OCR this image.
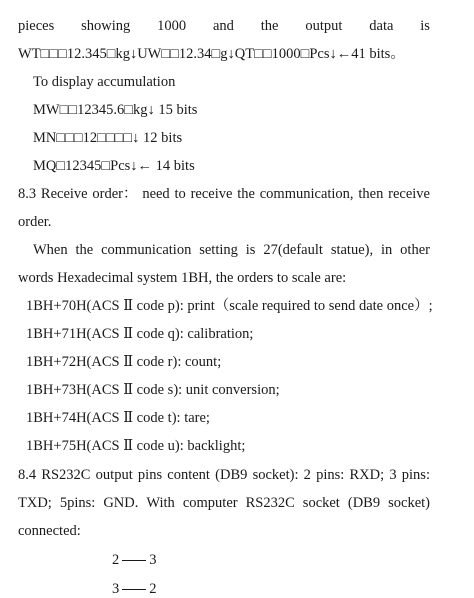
pieces showing 1000 and the output data is
WT□□□12.345□kg↓UW□□12.34□g↓QT□□1000□Pcs↓←41 bits。
To display accumulation
MW□□12345.6□kg↓ 15 bits
MN□□□12□□□□↓ 12 bits
MQ□12345□Pcs↓← 14 bits
8.3 Receive order： need to receive the communication, then receive
order.
When the communication setting is 27(default statue), in other
words Hexadecimal system 1BH, the orders to scale are:
1BH+70H(ACS Ⅱ code p): print（scale required to send date once）;
1BH+71H(ACS Ⅱ code q): calibration;
1BH+72H(ACS Ⅱ code r): count;
1BH+73H(ACS Ⅱ code s): unit conversion;
1BH+74H(ACS Ⅱ code t): tare;
1BH+75H(ACS Ⅱ code u): backlight;
8.4 RS232C output pins content (DB9 socket): 2 pins: RXD; 3 pins:
TXD; 5pins: GND. With computer RS232C socket (DB9 socket)
connected:
2 3
3 2
